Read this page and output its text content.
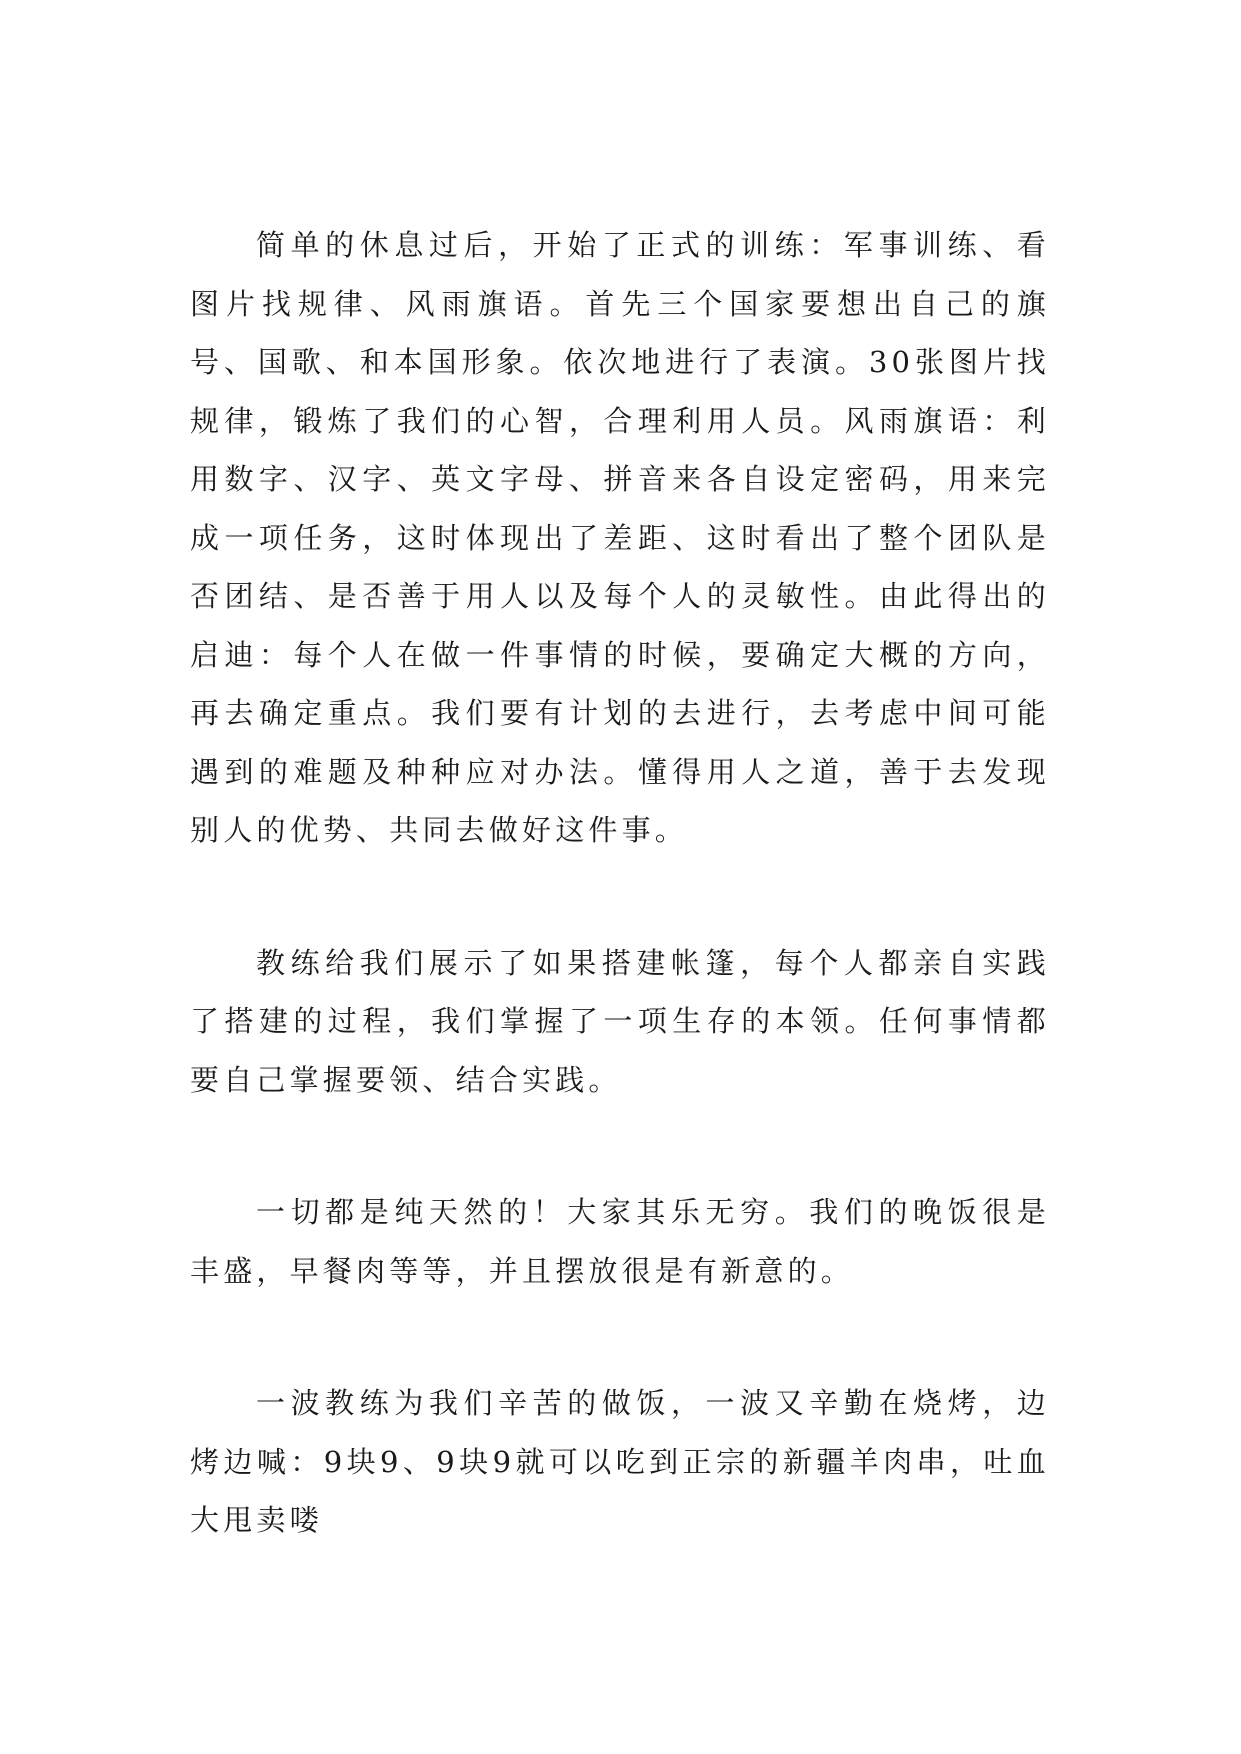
简单的休息过后，开始了正式的训练：军事训练、看图片找规律、风雨旗语。首先三个国家要想出自己的旗号、国歌、和本国形象。依次地进行了表演。30张图片找规律，锻炼了我们的心智，合理利用人员。风雨旗语：利用数字、汉字、英文字母、拼音来各自设定密码，用来完成一项任务，这时体现出了差距、这时看出了整个团队是否团结、是否善于用人以及每个人的灵敏性。由此得出的启迪：每个人在做一件事情的时候，要确定大概的方向，再去确定重点。我们要有计划的去进行，去考虑中间可能遇到的难题及种种应对办法。懂得用人之道，善于去发现别人的优势、共同去做好这件事。

教练给我们展示了如果搭建帐篷，每个人都亲自实践了搭建的过程，我们掌握了一项生存的本领。任何事情都要自己掌握要领、结合实践。

一切都是纯天然的！大家其乐无穷。我们的晚饭很是丰盛，早餐肉等等，并且摆放很是有新意的。

一波教练为我们辛苦的做饭，一波又辛勤在烧烤，边烤边喊：9块9、9块9就可以吃到正宗的新疆羊肉串，吐血大甩卖喽
